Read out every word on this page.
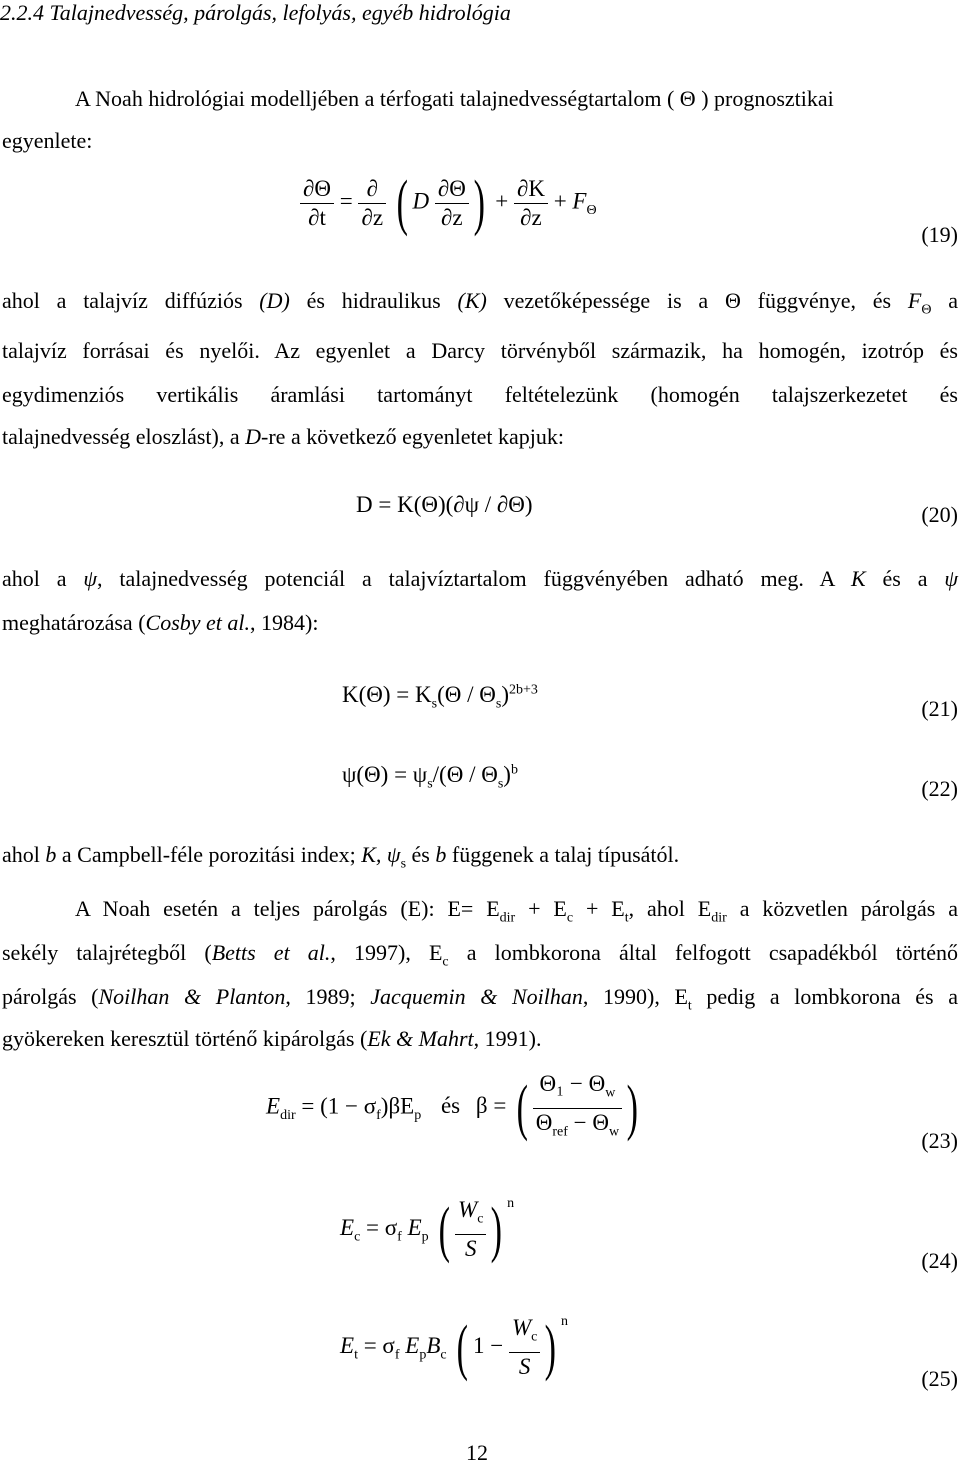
2.2.4 Talajnedvesség, párolgás, lefolyás, egyéb hidrológia
A Noah hidrológiai modelljében a térfogati talajnedvességtartalom ( Θ ) prognosztikai
egyenlete:
$\frac{\partial\Theta}{\partial t} = \frac{\partial}{\partial z}$ ( D $\frac{\partial\Theta}{\partial z}$ ) + $\frac{\partial K}{\partial z} + F_\Theta$
(19)
ahol a talajvíz diffúziós (D) és hidraulikus (K) vezetőképessége is a Θ függvénye, és $F_\Theta$ a
talajvíz forrásai és nyelői. Az egyenlet a Darcy törvényből származik, ha homogén, izotróp és
egydimenziós vertikális áramlási tartományt feltételezünk (homogén talajszerkezetet és
talajnedvesség eloszlást), a D-re a következő egyenletet kapjuk:
D = K(Θ)(∂ψ / ∂Θ)	(20)
ahol a ψ, talajnedvesség potenciál a talajvíztartalom függvényében adható meg. A K és a ψ
meghatározása (Cosby et al., 1984):
$K(\Theta) = K_s(\Theta / \Theta_s)^{2b+3}$
(21)
$\psi(\Theta) = \psi_s/(\Theta / \Theta_s)^b$
(22)
ahol b a Campbell-féle porozitási index; K, $\psi_s$ és b függenek a talaj típusától.
A Noah esetén a teljes párolgás (E): $E= E_{dir} + E_c + E_t$, ahol $E_{dir}$ a közvetlen párolgás a
sekély talajrétegből (Betts et al., 1997), $E_c$ a lombkorona által felfogott csapadékból történő
párolgás (Noilhan & Planton, 1989; Jacquemin & Noilhan, 1990), $E_t$ pedig a lombkorona és a
gyökereken keresztül történő kipárolgás (Ek & Mahrt, 1991).
$E_{dir} = (1 - \sigma_f)\beta E_p$ és β = ( $\frac{\Theta_1 - \Theta_w}{\Theta_{ref} - \Theta_w}$ )	(23)
$E_c = \sigma_f$ $E_p$ ( $\frac{W_c}{S}$ ) $^n$
(24)
$E_t = \sigma_f$ $E_pB_c$ ( $1 - \frac{W_c}{S}$ ) $^n$
(25)
12
